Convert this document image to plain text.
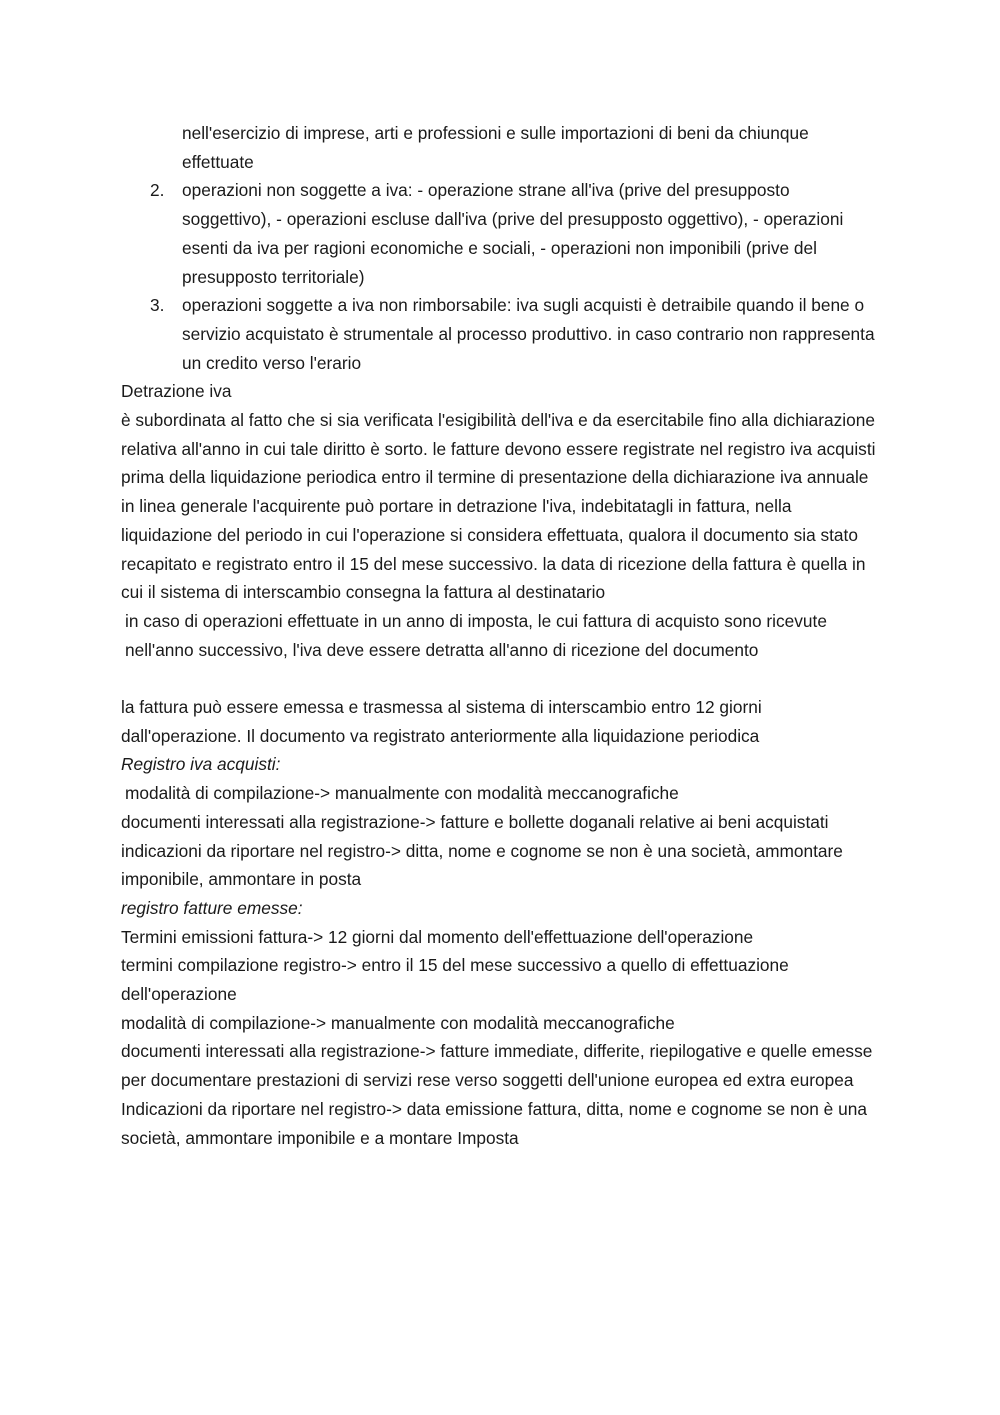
nell'esercizio di imprese, arti e professioni e sulle importazioni di beni da chiunque effettuate

2. operazioni non soggette a iva: - operazione strane all'iva (prive del presupposto soggettivo), - operazioni escluse dall'iva (prive del presupposto oggettivo), - operazioni esenti da iva per ragioni economiche e sociali, - operazioni non imponibili (prive del presupposto territoriale)
3. operazioni soggette a iva non rimborsabile: iva sugli acquisti è detraibile quando il bene o servizio acquistato è strumentale al processo produttivo. in caso contrario non rappresenta un credito verso l'erario

Detrazione iva

è subordinata al fatto che si sia verificata l'esigibilità dell'iva e da esercitabile fino alla dichiarazione relativa all'anno in cui tale diritto è sorto. le fatture devono essere registrate nel registro iva acquisti prima della liquidazione periodica entro il termine di presentazione della dichiarazione iva annuale

in linea generale l'acquirente può portare in detrazione l'iva, indebitatagli in fattura, nella liquidazione del periodo in cui l'operazione si considera effettuata, qualora il documento sia stato recapitato e registrato entro il 15 del mese successivo. la data di ricezione della fattura è quella in cui il sistema di interscambio consegna la fattura al destinatario

in caso di operazioni effettuate in un anno di imposta, le cui fattura di acquisto sono ricevute nell'anno successivo, l'iva deve essere detratta all'anno di ricezione del documento

la fattura può essere emessa e trasmessa al sistema di interscambio entro 12 giorni dall'operazione. Il documento va registrato anteriormente alla liquidazione periodica

Registro iva acquisti:

modalità di compilazione-> manualmente con modalità meccanografiche

documenti interessati alla registrazione-> fatture e bollette doganali relative ai beni acquistati

indicazioni da riportare nel registro-> ditta, nome e cognome se non è una società, ammontare imponibile, ammontare in posta

registro fatture emesse:

Termini emissioni fattura-> 12 giorni dal momento dell'effettuazione dell'operazione

termini compilazione registro-> entro il 15 del mese successivo a quello di effettuazione dell'operazione

modalità di compilazione-> manualmente con modalità meccanografiche

documenti interessati alla registrazione-> fatture immediate, differite, riepilogative e quelle emesse per documentare prestazioni di servizi rese verso soggetti dell'unione europea ed extra europea

Indicazioni da riportare nel registro-> data emissione fattura, ditta, nome e cognome se non è una società, ammontare imponibile e a montare Imposta
